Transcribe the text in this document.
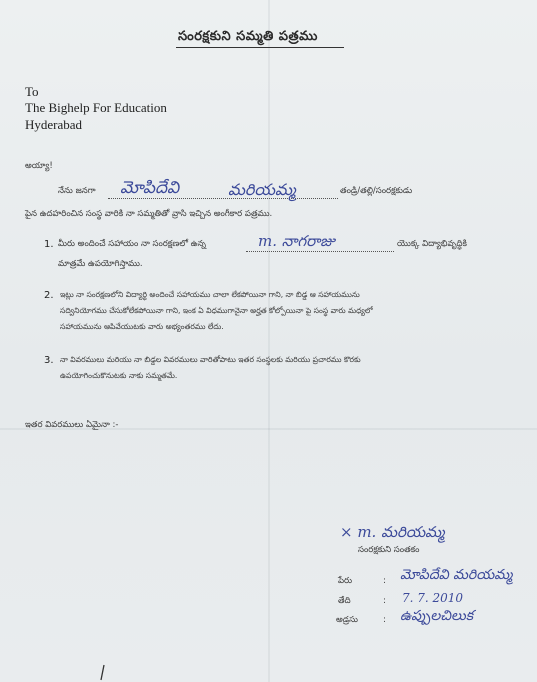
సంరక్షకుని సమ్మతి పత్రము
To
The Bighelp For Education
Hyderabad
అయ్యా!
నేను జనగా మోపిదేవి	మరియమ్మ	తండ్రి/తల్లి/సంరక్షకుడు
పైన ఉదహరించిన సంస్థ వారికి నా సమ్మతితో వ్రాసి ఇచ్చిన అంగీకార పత్రము.
1. మీరు అందించే సహాయం నా సంరక్షణలో ఉన్న	m. నాగరాజు	యొక్క విద్యాభివృద్ధికి
మాత్రమే ఉపయోగిస్తాము.
2. ఇట్లు నా సంరక్షణలోని విద్యార్థి అందించే సహాయము చాలా లేకపోయినా గాని, నా బిడ్డ ఆ సహాయమును
సద్వినియోగము చేసుకోలేకపోయినా గాని, ఇంక ఏ విధముగానైనా అర్హత కోల్పోయినా పై సంస్థ వారు మధ్యలో
సహాయమును ఆపివేయుటకు వారు అభ్యంతరము లేదు.
3. నా వివరములు మరియు నా బిడ్డల వివరములు వారితోపాటు ఇతర సంస్థలకు మరియు ప్రచారము కొరకు
ఉపయోగించుకొనుటకు నాకు సమ్మతమే.
ఇతర వివరములు ఏమైనా :-
× m. మరియమ్మ
సంరక్షకుని సంతకం
పేరు	: మోపిదేవి మరియమ్మ
తేది	: 7. 7. 2010
అడ్రసు	: ఉప్పులచిలుక
